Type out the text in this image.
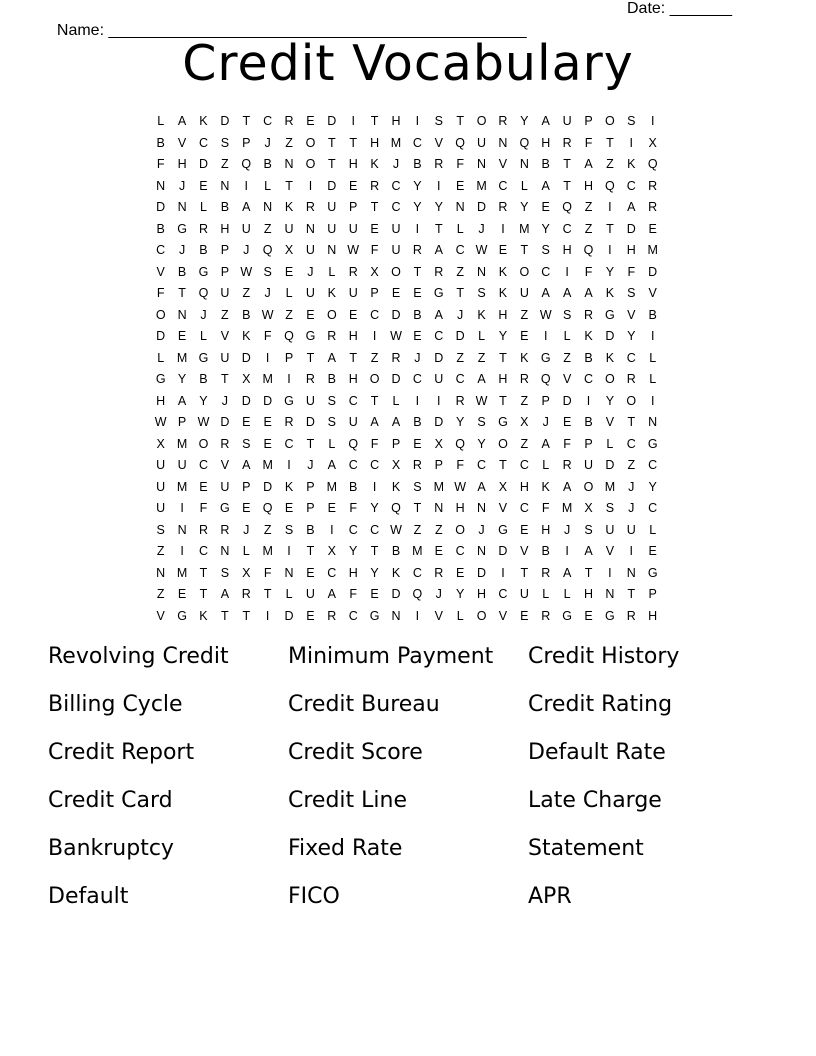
Name: _______________________________________________

Date: _______

Credit Vocabulary
L	A	K	D	T	C R	E	D	I	T	H	I	S	T	O R	Y	A	U	P O S	I
B	V	C	S	P	J	Z	O	T	T	H M C	V Q U N Q H R	F	T	I	X
F	H D	Z	Q B	N O	T	H	K	J	B	R	F	N	V	N	B	T	A	Z	K Q
N	J	E	N	I	L	T	I	D	E	R C	Y	I	E M C	L	A	T	H Q C R
D N	L	B	A	N	K	R U	P	T	C	Y	Y	N D R	Y	E Q	Z	I	A	R
B G R H U	Z	U N U U	E	U	I	T	L	J	I	M Y	C	Z	T	D	E
C	J	B	P	J	Q X	U N W F	U R	A	C W E	T	S	H Q	I	H M
V	B G P W S	E	J	L	R	X O	T	R	Z	N	K O C	I	F	Y	F	D
F	T	Q U	Z	J	L	U	K	U	P	E	E G	T	S	K	U	A	A	A	K	S	V
O N	J	Z	B W Z	E O E	C D	B	A	J	K	H	Z W S	R G V	B
D	E	L	V	K	F	Q G R H	I	W E	C D	L	Y	E	I	L	K	D	Y	I
L	M G U D	I	P	T	A	T	Z	R	J	D	Z	Z	T	K G	Z	B	K	C	L
G Y	B	T	X M	I	R	B	H O D C U C	A	H R Q V	C O R	L
H	A	Y	J	D D G U	S	C	T	L	I	I	R W T	Z	P	D	I	Y O	I
W P W D	E	E	R D	S	U	A	A	B	D	Y	S G X	J	E	B	V	T	N
X M O R	S	E	C	T	L	Q	F	P	E	X Q Y O	Z	A	F	P	L	C G
U U C	V	A M	I	J	A	C C	X	R	P	F	C	T	C	L	R U D	Z	C
U M E	U	P	D	K	P M B	I	K	S M W A	X	H	K	A O M	J	Y
U	I	F	G E Q E	P	E	F	Y Q	T	N H N	V	C	F M X	S	J	C
S	N R R	J	Z	S	B	I	C C W Z	Z	O	J	G E	H	J	S	U U	L
Z	I	C N	L	M	I	T	X	Y	T	B M E	C N D	V	B	I	A	V	I	E
N M T	S	X	F	N	E	C H	Y	K	C R	E	D	I	T	R	A	T	I	N G
Z	E	T	A	R	T	L	U	A	F	E	D Q	J	Y	H C U	L	L	H N	T	P
V G K	T	T	I	D	E	R C G N	I	V	L	O V	E	R G E G R H
Revolving Credit	Minimum Payment	Credit History
Billing Cycle	Credit Bureau	Credit Rating
Credit Report	Credit Score	Default Rate
Credit Card	Credit Line	Late Charge
Bankruptcy	Fixed Rate	Statement
Default	FICO	APR
